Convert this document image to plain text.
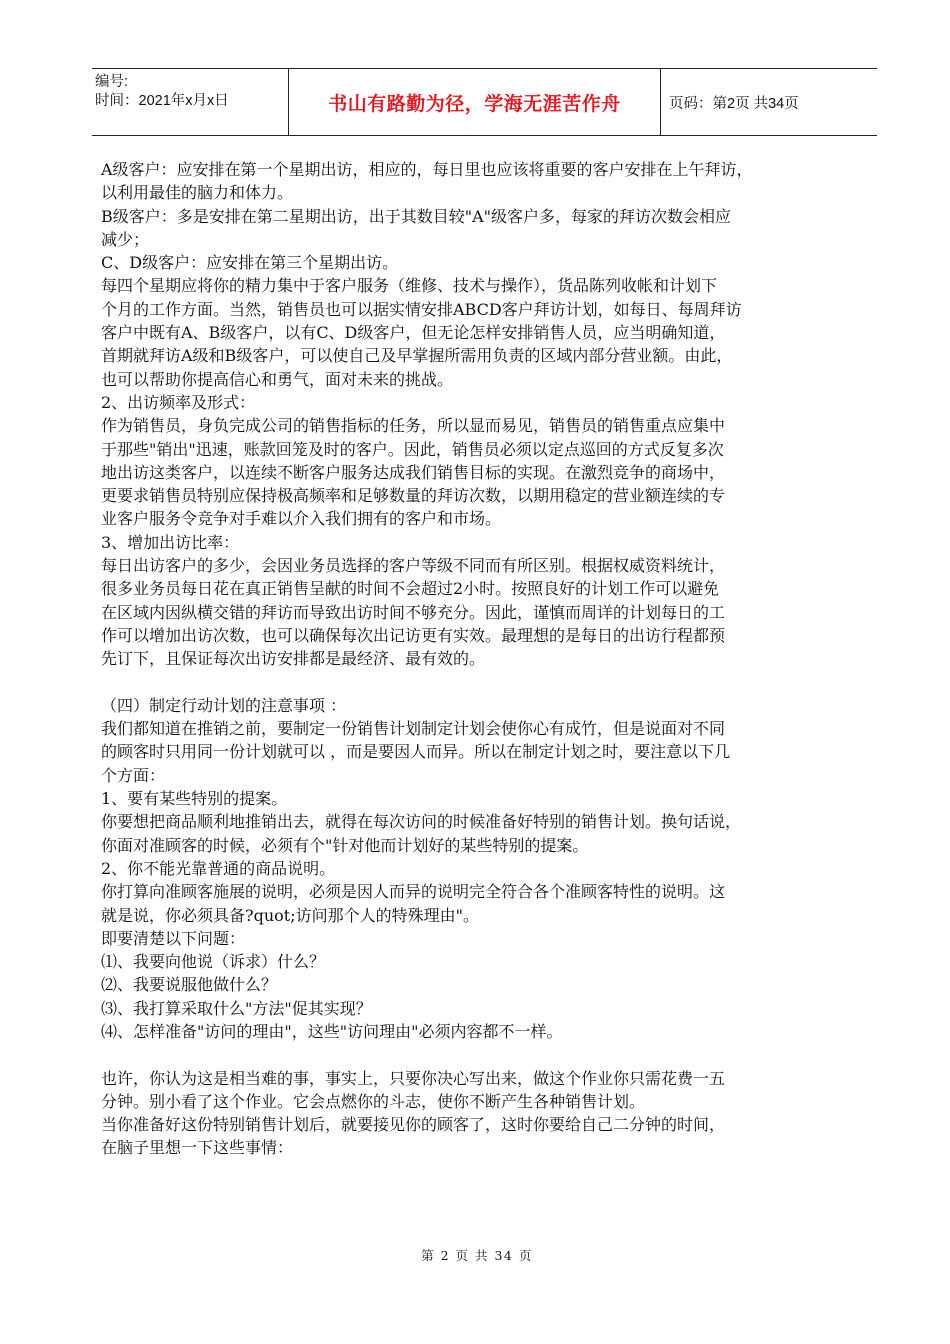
编号:
时间：2021年x月x日	书山有路勤为径，学海无涯苦作舟	页码：第2页 共34页

A级客户：应安排在第一个星期出访，相应的，每日里也应该将重要的客户安排在上午拜访，

以利用最佳的脑力和体力。

B级客户：多是安排在第二星期出访，出于其数目较"A"级客户多，每家的拜访次数会相应

减少；

C、D级客户：应安排在第三个星期出访。

每四个星期应将你的精力集中于客户服务（维修、技术与操作），货品陈列收帐和计划下

个月的工作方面。当然，销售员也可以据实情安排ABCD客户拜访计划，如每日、每周拜访

客户中既有A、B级客户，以有C、D级客户，但无论怎样安排销售人员，应当明确知道，

首期就拜访A级和B级客户，可以使自己及早掌握所需用负责的区域内部分营业额。由此，

也可以帮助你提高信心和勇气，面对未来的挑战。

2、出访频率及形式：

作为销售员，身负完成公司的销售指标的任务，所以显而易见，销售员的销售重点应集中

于那些"销出"迅速，账款回笼及时的客户。因此，销售员必须以定点巡回的方式反复多次

地出访这类客户，以连续不断客户服务达成我们销售目标的实现。在激烈竞争的商场中，

更要求销售员特别应保持极高频率和足够数量的拜访次数，以期用稳定的营业额连续的专

业客户服务令竞争对手难以介入我们拥有的客户和市场。

3、增加出访比率：

每日出访客户的多少，会因业务员选择的客户等级不同而有所区别。根据权威资料统计，

很多业务员每日花在真正销售呈献的时间不会超过2小时。按照良好的计划工作可以避免

在区域内因纵横交错的拜访而导致出访时间不够充分。因此，谨慎而周详的计划每日的工

作可以增加出访次数，也可以确保每次出记访更有实效。最理想的是每日的出访行程都预

先订下，且保证每次出访安排都是最经济、最有效的。

（四）制定行动计划的注意事项 ：

我们都知道在推销之前，要制定一份销售计划制定计划会使你心有成竹，但是说面对不同

的顾客时只用同一份计划就可以 ，而是要因人而异。所以在制定计划之时，要注意以下几

个方面：

1、要有某些特别的提案。

你要想把商品顺利地推销出去，就得在每次访问的时候准备好特别的销售计划。换句话说，

你面对准顾客的时候，必须有个"针对他而计划好的某些特别的提案。

2、你不能光靠普通的商品说明。

你打算向准顾客施展的说明，必须是因人而异的说明完全符合各个准顾客特性的说明。这

就是说，你必须具备?quot;访问那个人的特殊理由"。

即要清楚以下问题：

⑴、我要向他说（诉求）什么？

⑵、我要说服他做什么？

⑶、我打算采取什么"方法"促其实现？

⑷、怎样准备"访问的理由"，这些"访问理由"必须内容都不一样。

也许，你认为这是相当难的事，事实上，只要你决心写出来，做这个作业你只需花费一五

分钟。别小看了这个作业。它会点燃你的斗志，使你不断产生各种销售计划。

当你准备好这份特别销售计划后，就要接见你的顾客了，这时你要给自己二分钟的时间，

在脑子里想一下这些事情：

第 2 页 共 34 页
